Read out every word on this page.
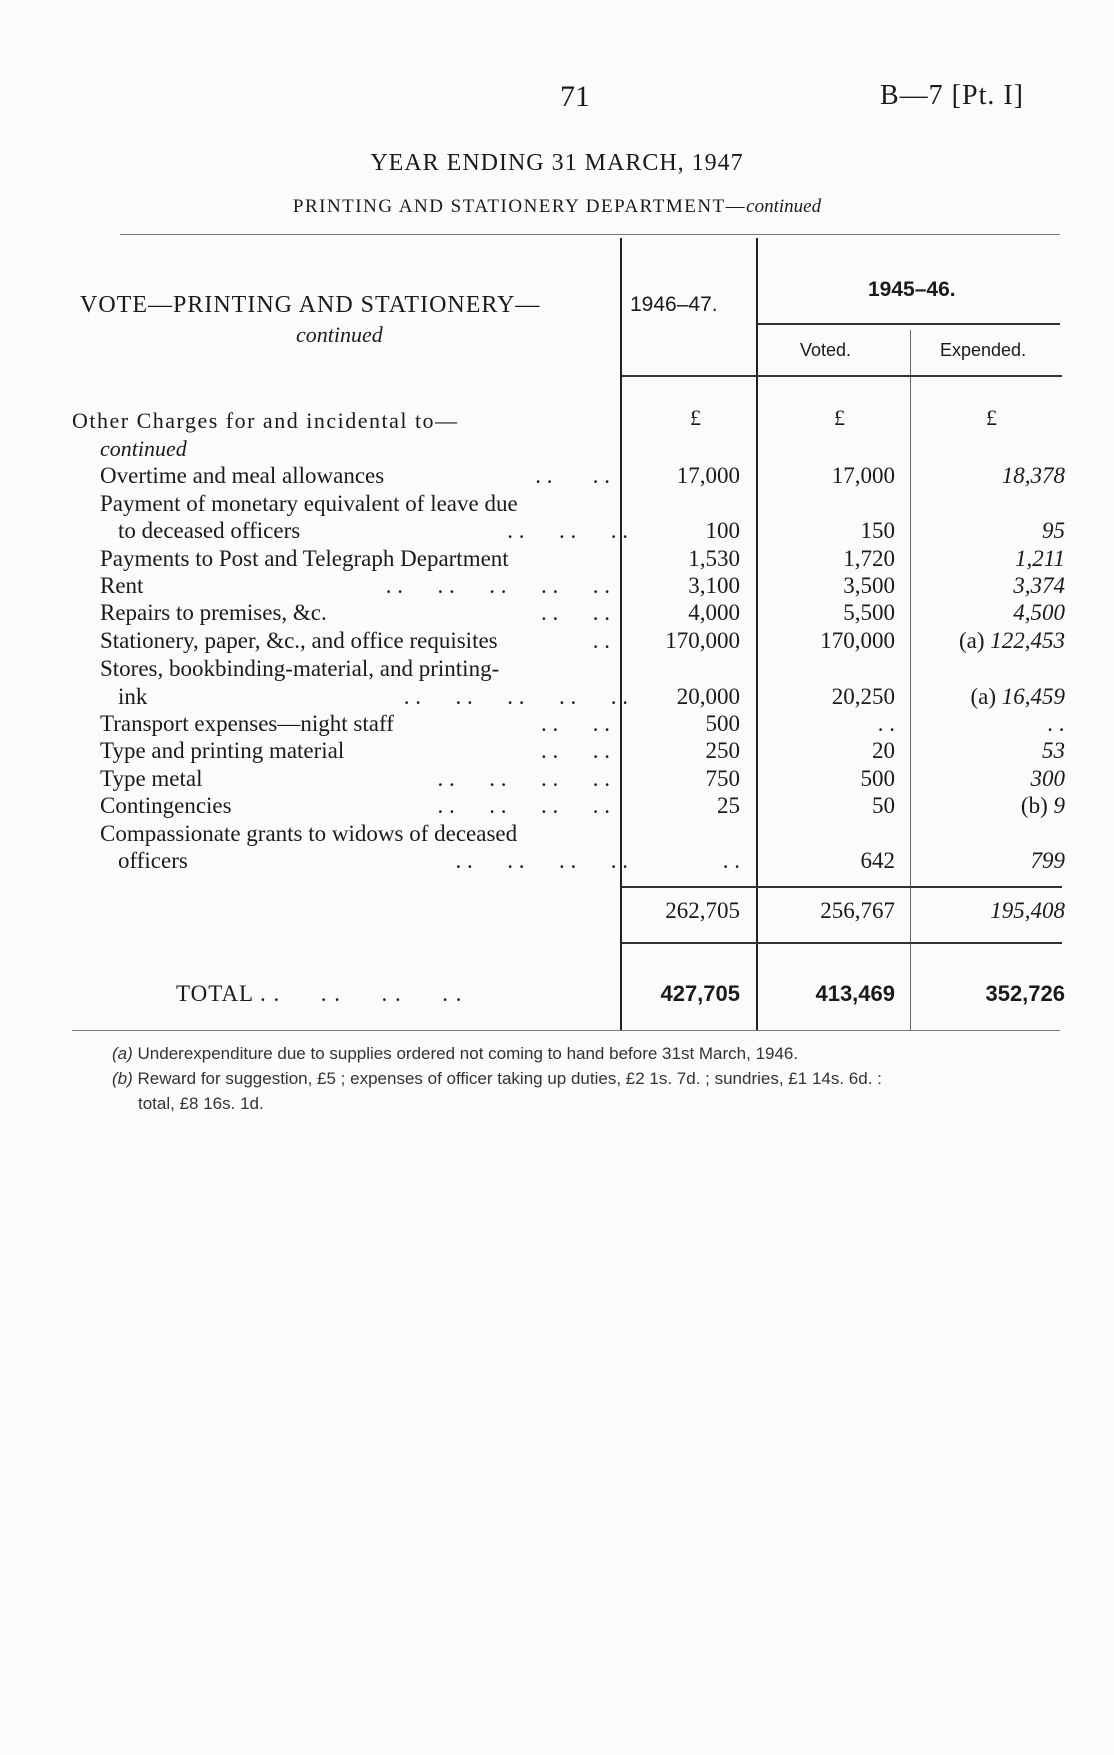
71	B—7 [Pt. I]
YEAR ENDING 31 MARCH, 1947
PRINTING AND STATIONERY DEPARTMENT—continued
VOTE—PRINTING AND STATIONERY—
continued
1946–47.
1945–46.
Voted.	Expended.
£	£	£
Other Charges for and incidental to—
continued
Overtime and meal allowances	. .       . .	17,000	17,000	18,378
Payment of monetary equivalent of leave due
to deceased officers	. .      . .      . .	100	150	95
Payments to Post and Telegraph Department	1,530	1,720	1,211
Rent	. .      . .      . .      . .      . .	3,100	3,500	3,374
Repairs to premises, &c.	. .      . .	4,000	5,500	4,500
Stationery, paper, &c., and office requisites	. . 170,000	170,000	(a) 122,453
Stores, bookbinding-material, and printing-
ink	. .      . .      . .      . .      . . 20,000	20,250	(a) 16,459
Transport expenses—night staff	. .      . .	500	. .	. .
Type and printing material	. .      . .	250	20	53
Type metal	. .      . .      . .      . .	750	500	300
Contingencies	. .      . .      . .      . .	25	50	(b) 9
Compassionate grants to widows of deceased
officers	. .      . .      . .      . .	. .	642	799
262,705	256,767	195,408
TOTAL . .      . .      . .      . .	427,705	413,469	352,726
(a) Underexpenditure due to supplies ordered not coming to hand before 31st March, 1946.
(b) Reward for suggestion, £5 ; expenses of officer taking up duties, £2 1s. 7d. ; sundries, £1 14s. 6d. :
total, £8 16s. 1d.
